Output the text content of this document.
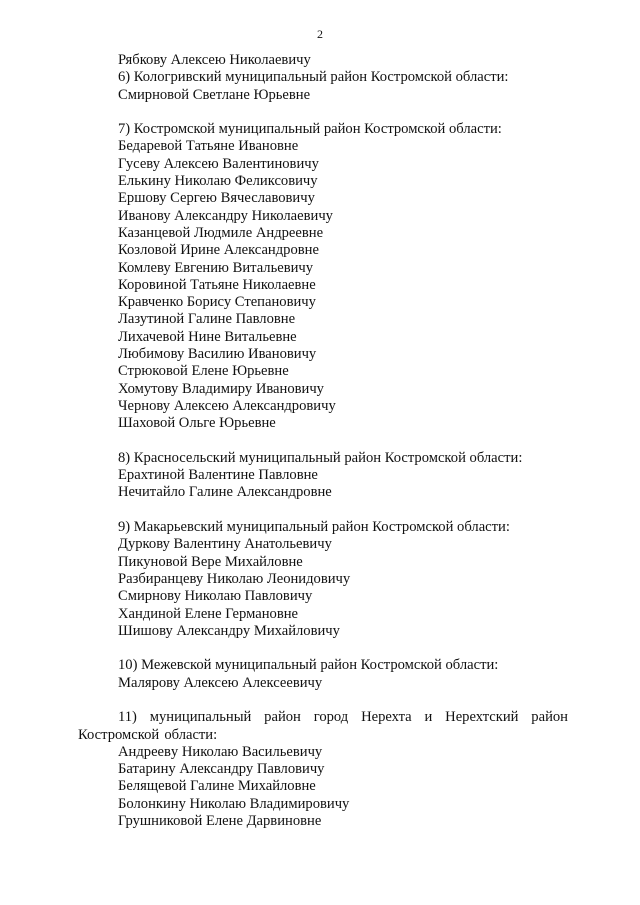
2
Рябкову Алексею Николаевичу
6) Кологривский муниципальный район Костромской области:
Смирновой Светлане Юрьевне
7) Костромской муниципальный район Костромской области:
Бедаревой Татьяне Ивановне
Гусеву Алексею Валентиновичу
Елькину Николаю Феликсовичу
Ершову Сергею Вячеславовичу
Иванову Александру Николаевичу
Казанцевой Людмиле Андреевне
Козловой Ирине Александровне
Комлеву Евгению Витальевичу
Коровиной Татьяне Николаевне
Кравченко Борису Степановичу
Лазутиной Галине Павловне
Лихачевой Нине Витальевне
Любимову Василию Ивановичу
Стрюковой Елене Юрьевне
Хомутову Владимиру Ивановичу
Чернову Алексею Александровичу
Шаховой Ольге Юрьевне
8) Красносельский муниципальный район Костромской области:
Ерахтиной Валентине Павловне
Нечитайло Галине Александровне
9) Макарьевский муниципальный район Костромской области:
Дуркову Валентину Анатольевичу
Пикуновой Вере Михайловне
Разбиранцеву Николаю Леонидовичу
Смирнову Николаю Павловичу
Хандиной Елене Германовне
Шишову Александру Михайловичу
10) Межевской муниципальный район Костромской области:
Малярову Алексею Алексеевичу
11) муниципальный район город Нерехта и Нерехтский район Костромской области:
Андреевy Николаю Васильевичу
Батарину Александру Павловичу
Белящевой Галине Михайловне
Болонкину Николаю Владимировичу
Грушниковой Елене Дарвиновне
